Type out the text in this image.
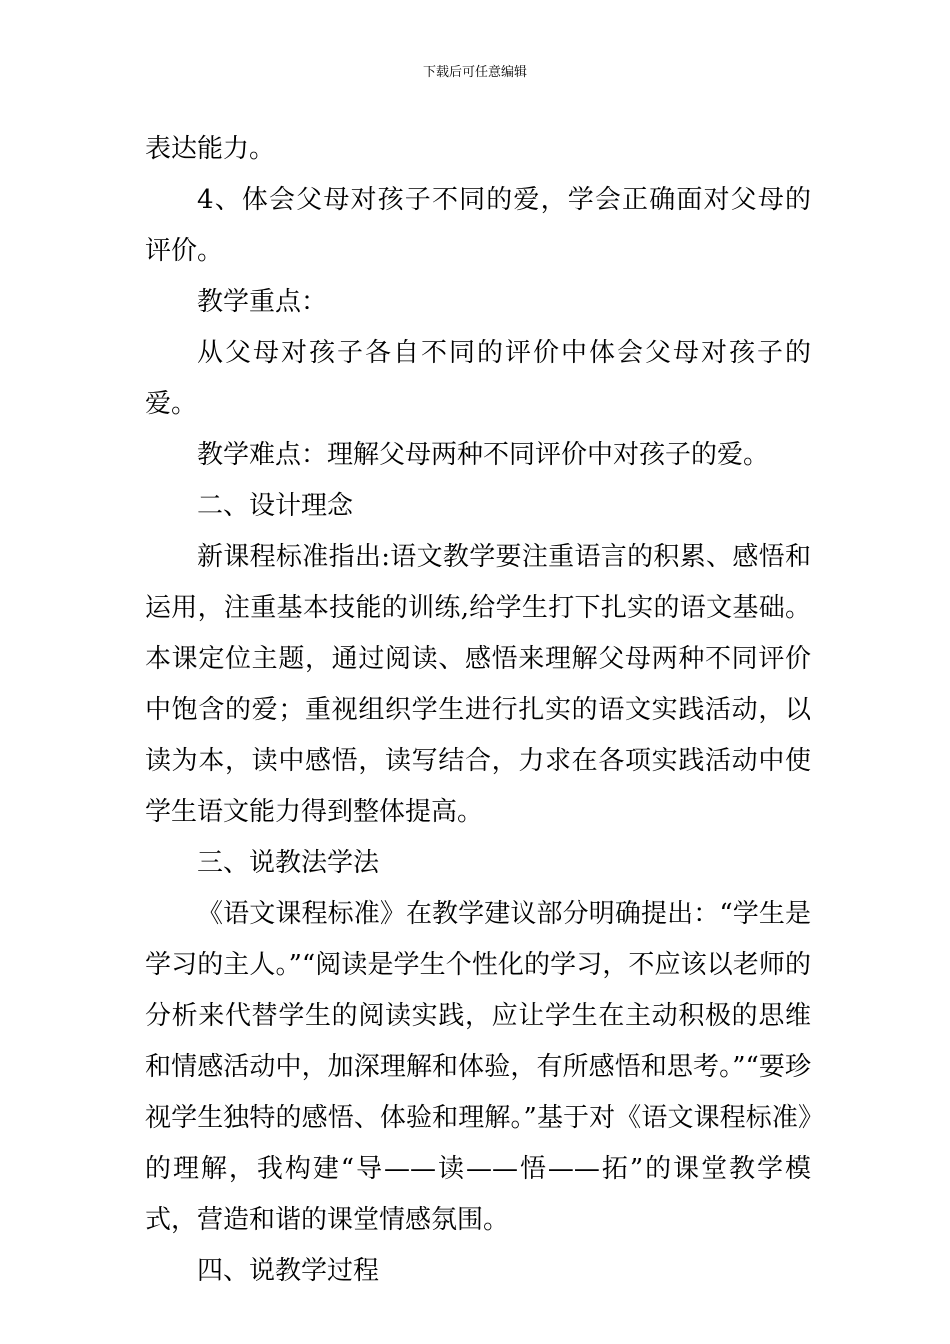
下载后可任意编辑

表达能力。

4、体会父母对孩子不同的爱，学会正确面对父母的评价。

教学重点：

从父母对孩子各自不同的评价中体会父母对孩子的爱。

教学难点：理解父母两种不同评价中对孩子的爱。

二、设计理念

新课程标准指出:语文教学要注重语言的积累、感悟和运用，注重基本技能的训练,给学生打下扎实的语文基础。本课定位主题，通过阅读、感悟来理解父母两种不同评价中饱含的爱；重视组织学生进行扎实的语文实践活动，以读为本，读中感悟，读写结合，力求在各项实践活动中使学生语文能力得到整体提高。

三、说教法学法

《语文课程标准》在教学建议部分明确提出：“学生是学习的主人。”“阅读是学生个性化的学习，不应该以老师的分析来代替学生的阅读实践，应让学生在主动积极的思维和情感活动中，加深理解和体验，有所感悟和思考。”“要珍视学生独特的感悟、体验和理解。”基于对《语文课程标准》的理解，我构建“导——读——悟——拓”的课堂教学模式，营造和谐的课堂情感氛围。

四、说教学过程
